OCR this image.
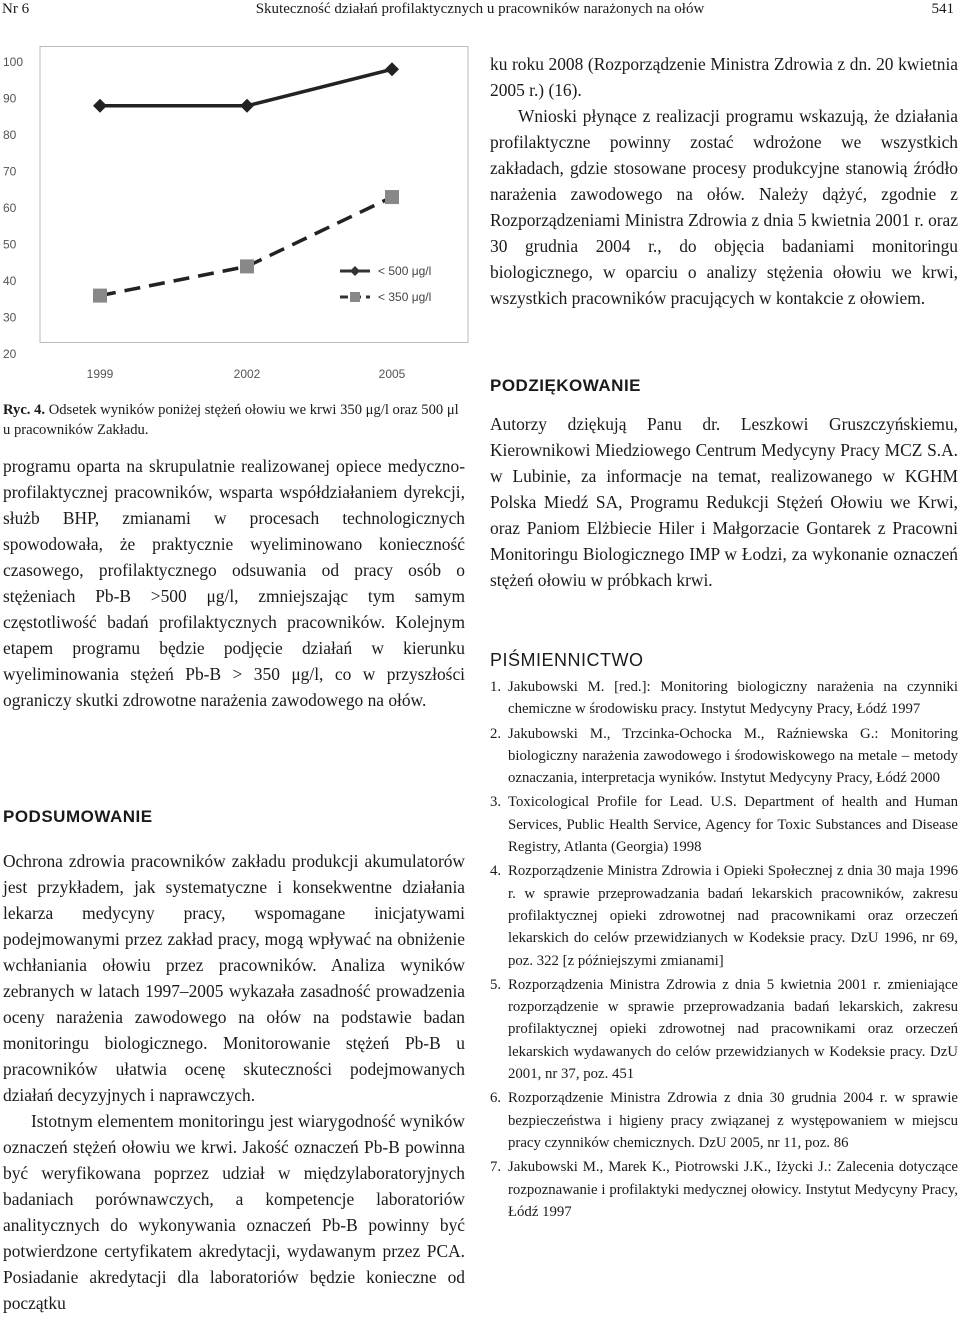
Nr 6	Skuteczność działań profilaktycznych u pracowników narażonych na ołów	541
100
90
80
70
60
50
40
30
20
1999	2002	2005
< 500 μg/l
< 350 μg/l
Ryc. 4. Odsetek wyników poniżej stężeń ołowiu we krwi 350 μg/l oraz 500 μl u pracowników Zakładu.

programu oparta na skrupulatnie realizowanej opiece medyczno-profilaktycznej pracowników, wsparta współdziałaniem dyrekcji, służb BHP, zmianami w procesach technologicznych spowodowała, że praktycznie wyeliminowano konieczność czasowego, profilaktycznego odsuwania od pracy osób o stężeniach Pb-B >500 μg/l, zmniejszając tym samym częstotliwość badań profilaktycznych pracowników. Kolejnym etapem programu będzie podjęcie działań w kierunku wyeliminowania stężeń Pb-B > 350 μg/l, co w przyszłości ograniczy skutki zdrowotne narażenia zawodowego na ołów.

PODSUMOWANIE

Ochrona zdrowia pracowników zakładu produkcji akumulatorów jest przykładem, jak systematyczne i konsekwentne działania lekarza medycyny pracy, wspomagane inicjatywami podejmowanymi przez zakład pracy, mogą wpływać na obniżenie wchłaniania ołowiu przez pracowników. Analiza wyników zebranych w latach 1997–2005 wykazała zasadność prowadzenia oceny narażenia zawodowego na ołów na podstawie badan monitoringu biologicznego. Monitorowanie stężeń Pb-B u pracowników ułatwia ocenę skuteczności podejmowanych działań decyzyjnych i naprawczych.

Istotnym elementem monitoringu jest wiarygodność wyników oznaczeń stężeń ołowiu we krwi. Jakość oznaczeń Pb-B powinna być weryfikowana poprzez udział w międzylaboratoryjnych badaniach porównawczych, a kompetencje laboratoriów analitycznych do wykonywania oznaczeń Pb-B powinny być potwierdzone certyfikatem akredytacji, wydawanym przez PCA. Posiadanie akredytacji dla laboratoriów będzie konieczne od początku

ku roku 2008 (Rozporządzenie Ministra Zdrowia z dn. 20 kwietnia 2005 r.) (16).

Wnioski płynące z realizacji programu wskazują, że działania profilaktyczne powinny zostać wdrożone we wszystkich zakładach, gdzie stosowane procesy produkcyjne stanowią źródło narażenia zawodowego na ołów. Należy dążyć, zgodnie z Rozporządzeniami Ministra Zdrowia z dnia 5 kwietnia 2001 r. oraz 30 grudnia 2004 r., do objęcia badaniami monitoringu biologicznego, w oparciu o analizy stężenia ołowiu we krwi, wszystkich pracowników pracujących w kontakcie z ołowiem.

PODZIĘKOWANIE

Autorzy dziękują Panu dr. Leszkowi Gruszczyńskiemu, Kierownikowi Miedziowego Centrum Medycyny Pracy MCZ S.A. w Lubinie, za informacje na temat, realizowanego w KGHM Polska Miedź SA, Programu Redukcji Stężeń Ołowiu we Krwi, oraz Paniom Elżbiecie Hiler i Małgorzacie Gontarek z Pracowni Monitoringu Biologicznego IMP w Łodzi, za wykonanie oznaczeń stężeń ołowiu w próbkach krwi.

PIŚMIENNICTWO

1. Jakubowski M. [red.]: Monitoring biologiczny narażenia na czynniki chemiczne w środowisku pracy. Instytut Medycyny Pracy, Łódź 1997
2. Jakubowski M., Trzcinka-Ochocka M., Raźniewska G.: Monitoring biologiczny narażenia zawodowego i środowiskowego na metale – metody oznaczania, interpretacja wyników. Instytut Medycyny Pracy, Łódź 2000
3. Toxicological Profile for Lead. U.S. Department of health and Human Services, Public Health Service, Agency for Toxic Substances and Disease Registry, Atlanta (Georgia) 1998
4. Rozporządzenie Ministra Zdrowia i Opieki Społecznej z dnia 30 maja 1996 r. w sprawie przeprowadzania badań lekarskich pracowników, zakresu profilaktycznej opieki zdrowotnej nad pracownikami oraz orzeczeń lekarskich do celów przewidzianych w Kodeksie pracy. DzU 1996, nr 69, poz. 322 [z późniejszymi zmianami]
5. Rozporządzenia Ministra Zdrowia z dnia 5 kwietnia 2001 r. zmieniające rozporządzenie w sprawie przeprowadzania badań lekarskich, zakresu profilaktycznej opieki zdrowotnej nad pracownikami oraz orzeczeń lekarskich wydawanych do celów przewidzianych w Kodeksie pracy. DzU 2001, nr 37, poz. 451
6. Rozporządzenie Ministra Zdrowia z dnia 30 grudnia 2004 r. w sprawie bezpieczeństwa i higieny pracy związanej z występowaniem w miejscu pracy czynników chemicznych. DzU 2005, nr 11, poz. 86
7. Jakubowski M., Marek K., Piotrowski J.K., Iżycki J.: Zalecenia dotyczące rozpoznawanie i profilaktyki medycznej ołowicy. Instytut Medycyny Pracy, Łódź 1997
